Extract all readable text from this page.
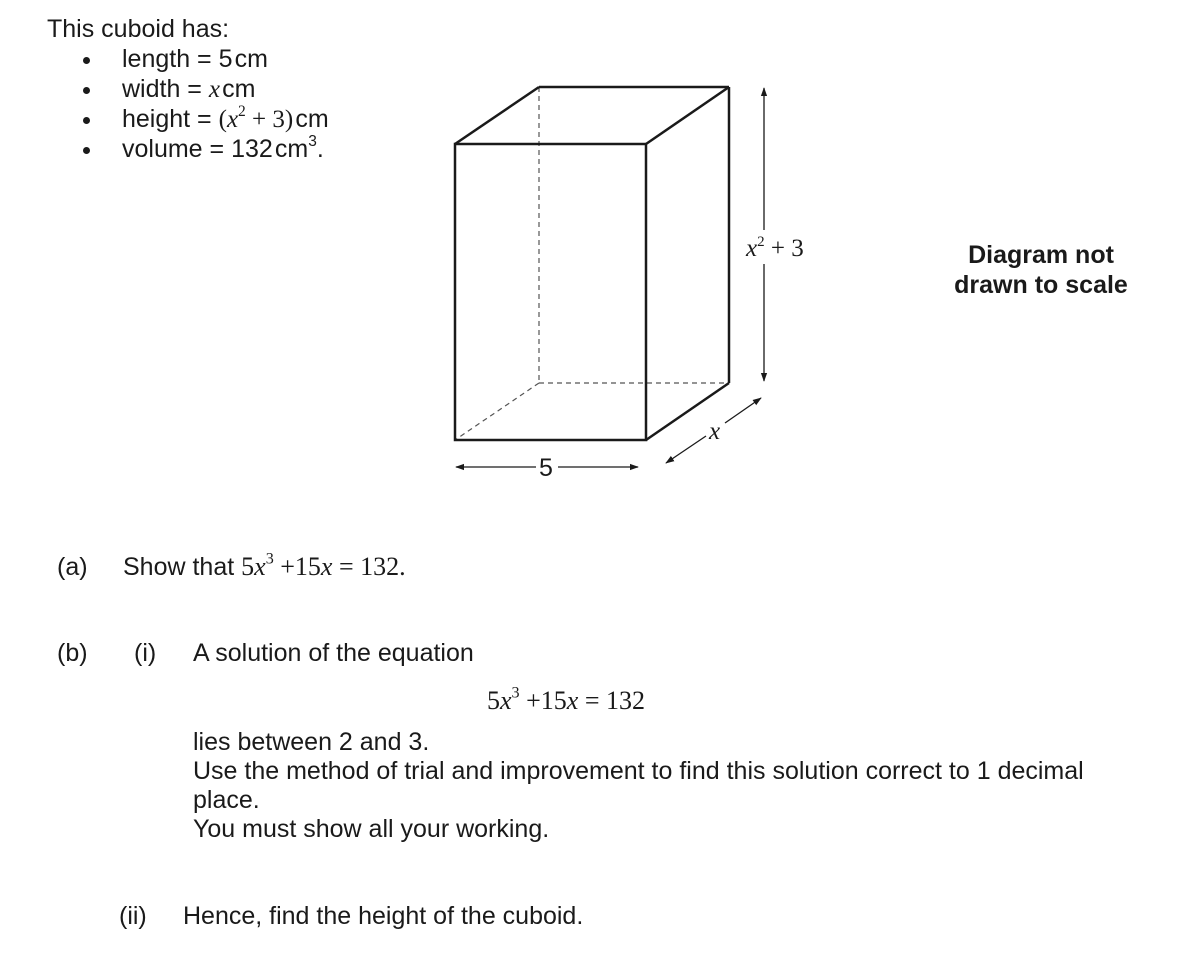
This cuboid has:
length = 5 cm
width = x cm
height = $(x^2 + 3)$ cm
volume = 132 $cm^3$.
$x^2 + 3$
x
5
Diagram not
drawn to scale
(a) Show that $5x^3 +15x = 132$.
(b) (i) A solution of the equation
$5x^3 +15x = 132$
lies between 2 and 3.
Use the method of trial and improvement to find this solution correct to 1 decimal
place.
You must show all your working.
(ii) Hence, find the height of the cuboid.
